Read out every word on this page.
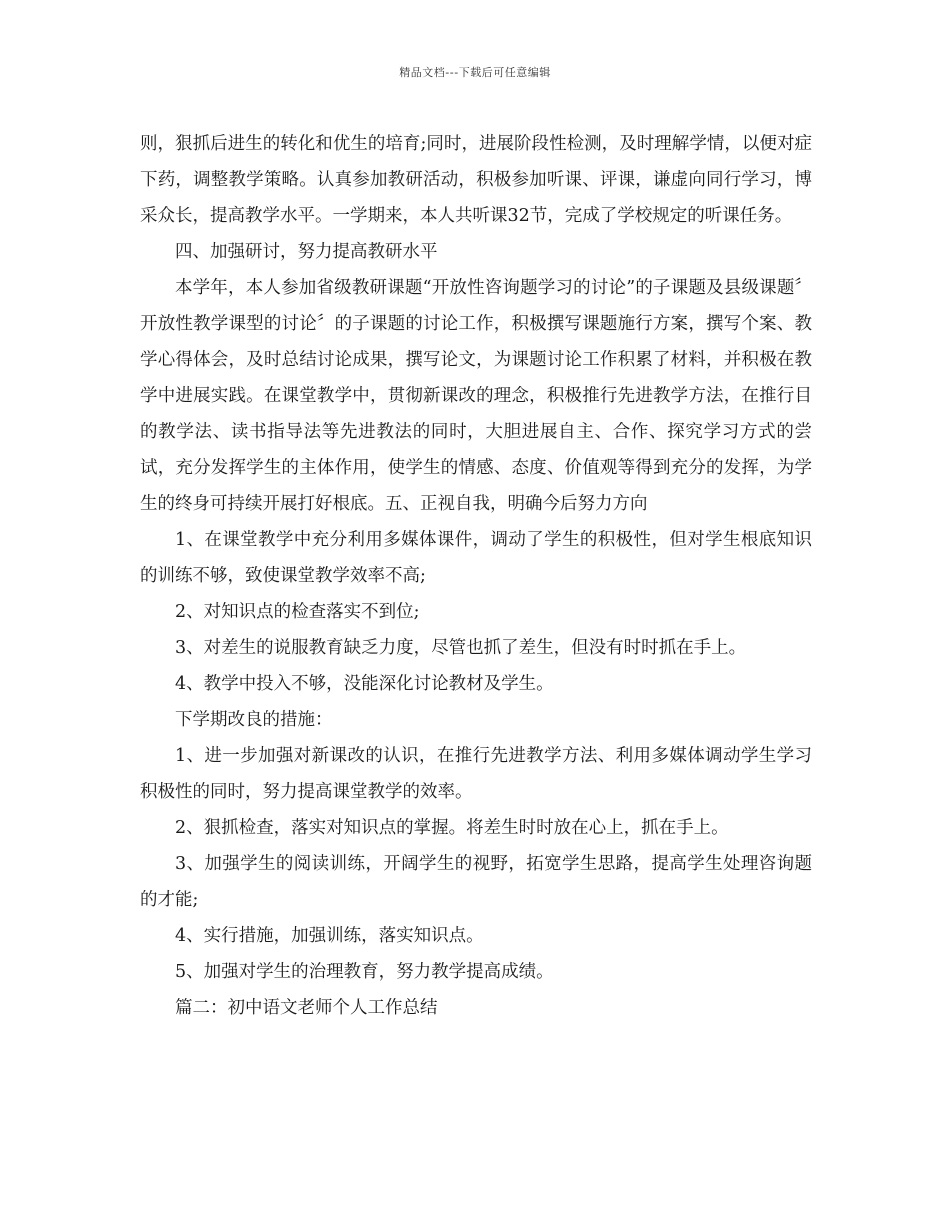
精品文档---下载后可任意编辑

则，狠抓后进生的转化和优生的培育;同时，进展阶段性检测，及时理解学情，以便对症下药，调整教学策略。认真参加教研活动，积极参加听课、评课，谦虚向同行学习，博采众长，提高教学水平。一学期来，本人共听课32节，完成了学校规定的听课任务。

四、加强研讨，努力提高教研水平

本学年，本人参加省级教研课题“开放性咨询题学习的讨论”的子课题及县级课题〞开放性教学课型的讨论〞的子课题的讨论工作，积极撰写课题施行方案，撰写个案、教学心得体会，及时总结讨论成果，撰写论文，为课题讨论工作积累了材料，并积极在教学中进展实践。在课堂教学中，贯彻新课改的理念，积极推行先进教学方法，在推行目的教学法、读书指导法等先进教法的同时，大胆进展自主、合作、探究学习方式的尝试，充分发挥学生的主体作用，使学生的情感、态度、价值观等得到充分的发挥，为学生的终身可持续开展打好根底。五、正视自我，明确今后努力方向

1、在课堂教学中充分利用多媒体课件，调动了学生的积极性，但对学生根底知识的训练不够，致使课堂教学效率不高;

2、对知识点的检查落实不到位;

3、对差生的说服教育缺乏力度，尽管也抓了差生，但没有时时抓在手上。

4、教学中投入不够，没能深化讨论教材及学生。

下学期改良的措施：

1、进一步加强对新课改的认识，在推行先进教学方法、利用多媒体调动学生学习积极性的同时，努力提高课堂教学的效率。

2、狠抓检查，落实对知识点的掌握。将差生时时放在心上，抓在手上。

3、加强学生的阅读训练，开阔学生的视野，拓宽学生思路，提高学生处理咨询题的才能;

4、实行措施，加强训练，落实知识点。

5、加强对学生的治理教育，努力教学提高成绩。

篇二：初中语文老师个人工作总结
